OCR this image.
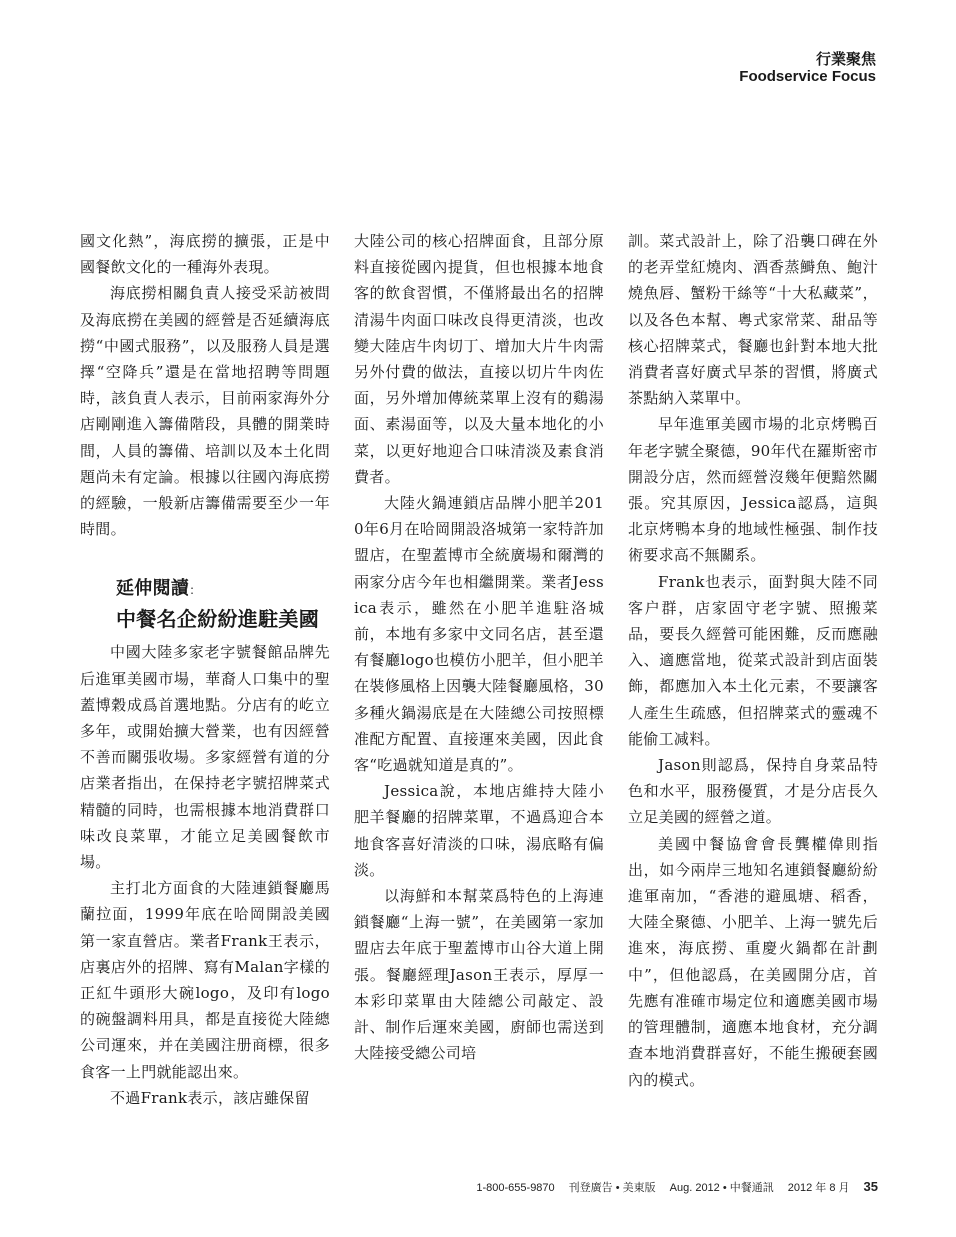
行業聚焦
Foodservice Focus

國文化熱”，海底撈的擴張，正是中國餐飲文化的一種海外表現。

海底撈相關負責人接受采訪被問及海底撈在美國的經營是否延續海底撈“中國式服務”，以及服務人員是選擇“空降兵”還是在當地招聘等問題時，該負責人表示，目前兩家海外分店剛剛進入籌備階段，具體的開業時間，人員的籌備、培訓以及本土化問題尚未有定論。根據以往國內海底撈的經驗，一般新店籌備需要至少一年時間。

延伸閱讀：
中餐名企紛紛進駐美國

中國大陸多家老字號餐館品牌先后進軍美國市場，華裔人口集中的聖蓋博穀成爲首選地點。分店有的屹立多年，或開始擴大營業，也有因經營不善而關張收場。多家經營有道的分店業者指出，在保持老字號招牌菜式精髓的同時，也需根據本地消費群口味改良菜單，才能立足美國餐飲市場。

主打北方面食的大陸連鎖餐廳馬蘭拉面，1999年底在哈岡開設美國第一家直營店。業者Frank王表示，店裏店外的招牌、寫有Malan字樣的正紅牛頭形大碗logo，及印有logo的碗盤調料用具，都是直接從大陸總公司運來，并在美國注册商標，很多食客一上門就能認出來。

不過Frank表示，該店雖保留

大陸公司的核心招牌面食，且部分原料直接從國內提貨，但也根據本地食客的飲食習慣，不僅將最出名的招牌清湯牛肉面口味改良得更清淡，也改變大陸店牛肉切丁、增加大片牛肉需另外付費的做法，直接以切片牛肉佐面，另外增加傳統菜單上沒有的鷄湯面、素湯面等，以及大量本地化的小菜，以更好地迎合口味清淡及素食消費者。

大陸火鍋連鎖店品牌小肥羊2010年6月在哈岡開設洛城第一家特許加盟店，在聖蓋博市全統廣場和爾灣的兩家分店今年也相繼開業。業者Jessica表示，雖然在小肥羊進駐洛城前，本地有多家中文同名店，甚至還有餐廳logo也模仿小肥羊，但小肥羊在裝修風格上因襲大陸餐廳風格，30多種火鍋湯底是在大陸總公司按照標准配方配置、直接運來美國，因此食客“吃過就知道是真的”。

Jessica說，本地店維持大陸小肥羊餐廳的招牌菜單，不過爲迎合本地食客喜好清淡的口味，湯底略有偏淡。

以海鮮和本幫菜爲特色的上海連鎖餐廳“上海一號”，在美國第一家加盟店去年底于聖蓋博市山谷大道上開張。餐廳經理Jason王表示，厚厚一本彩印菜單由大陸總公司敲定、設計、制作后運來美國，廚師也需送到大陸接受總公司培

訓。菜式設計上，除了沿襲口碑在外的老弄堂紅燒肉、酒香蒸鰣魚、鮑汁燒魚唇、蟹粉干絲等“十大私藏菜”，以及各色本幫、粵式家常菜、甜品等核心招牌菜式，餐廳也針對本地大批消費者喜好廣式早茶的習慣，將廣式茶點納入菜單中。

早年進軍美國市場的北京烤鴨百年老字號全聚德，90年代在羅斯密市開設分店，然而經營沒幾年便黯然關張。究其原因，Jessica認爲，這與北京烤鴨本身的地域性極强、制作技術要求高不無關系。

Frank也表示，面對與大陸不同客户群，店家固守老字號、照搬菜品，要長久經營可能困難，反而應融入、適應當地，從菜式設計到店面裝飾，都應加入本土化元素，不要讓客人產生生疏感，但招牌菜式的靈魂不能偷工减料。

Jason則認爲，保持自身菜品特色和水平，服務優質，才是分店長久立足美國的經營之道。

美國中餐協會會長龔權偉則指出，如今兩岸三地知名連鎖餐廳紛紛進軍南加，“香港的避風塘、稻香，大陸全聚德、小肥羊、上海一號先后進來，海底撈、重慶火鍋都在計劃中”，但他認爲，在美國開分店，首先應有准確市場定位和適應美國市場的管理體制，適應本地食材，充分調查本地消費群喜好，不能生搬硬套國內的模式。

1-800-655-9870 刊登廣告 • 美東版 Aug. 2012 • 中餐通訊 2012 年 8 月 35
